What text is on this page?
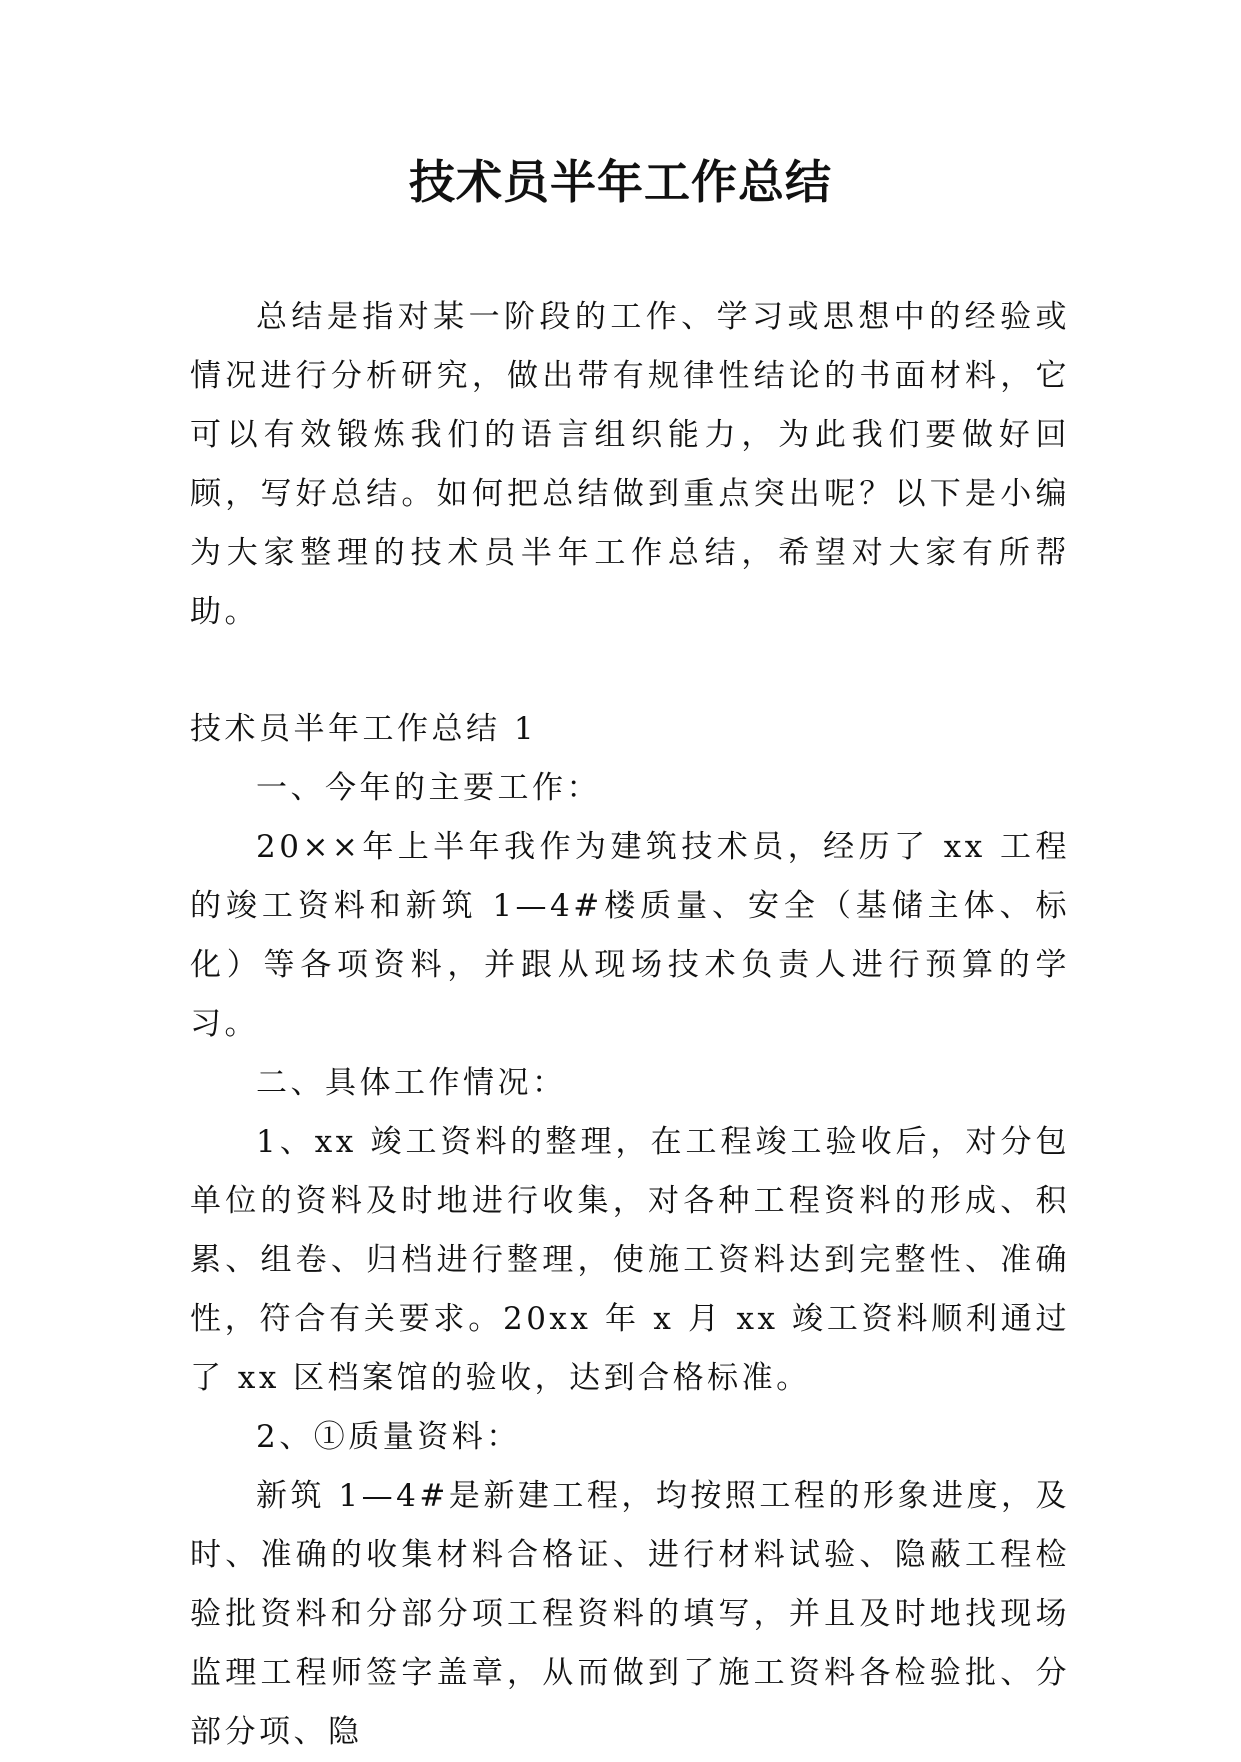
技术员半年工作总结

总结是指对某一阶段的工作、学习或思想中的经验或情况进行分析研究，做出带有规律性结论的书面材料，它可以有效锻炼我们的语言组织能力，为此我们要做好回顾，写好总结。如何把总结做到重点突出呢？以下是小编为大家整理的技术员半年工作总结，希望对大家有所帮助。

技术员半年工作总结 1

一、今年的主要工作：

20××年上半年我作为建筑技术员，经历了 xx 工程的竣工资料和新筑 1—4#楼质量、安全（基储主体、标化）等各项资料，并跟从现场技术负责人进行预算的学习。

二、具体工作情况：

1、xx 竣工资料的整理，在工程竣工验收后，对分包单位的资料及时地进行收集，对各种工程资料的形成、积累、组卷、归档进行整理，使施工资料达到完整性、准确性，符合有关要求。20xx 年 x 月 xx 竣工资料顺利通过了 xx 区档案馆的验收，达到合格标准。

2、①质量资料：

新筑 1—4#是新建工程，均按照工程的形象进度，及时、准确的收集材料合格证、进行材料试验、隐蔽工程检验批资料和分部分项工程资料的填写，并且及时地找现场监理工程师签字盖章，从而做到了施工资料各检验批、分部分项、隐
